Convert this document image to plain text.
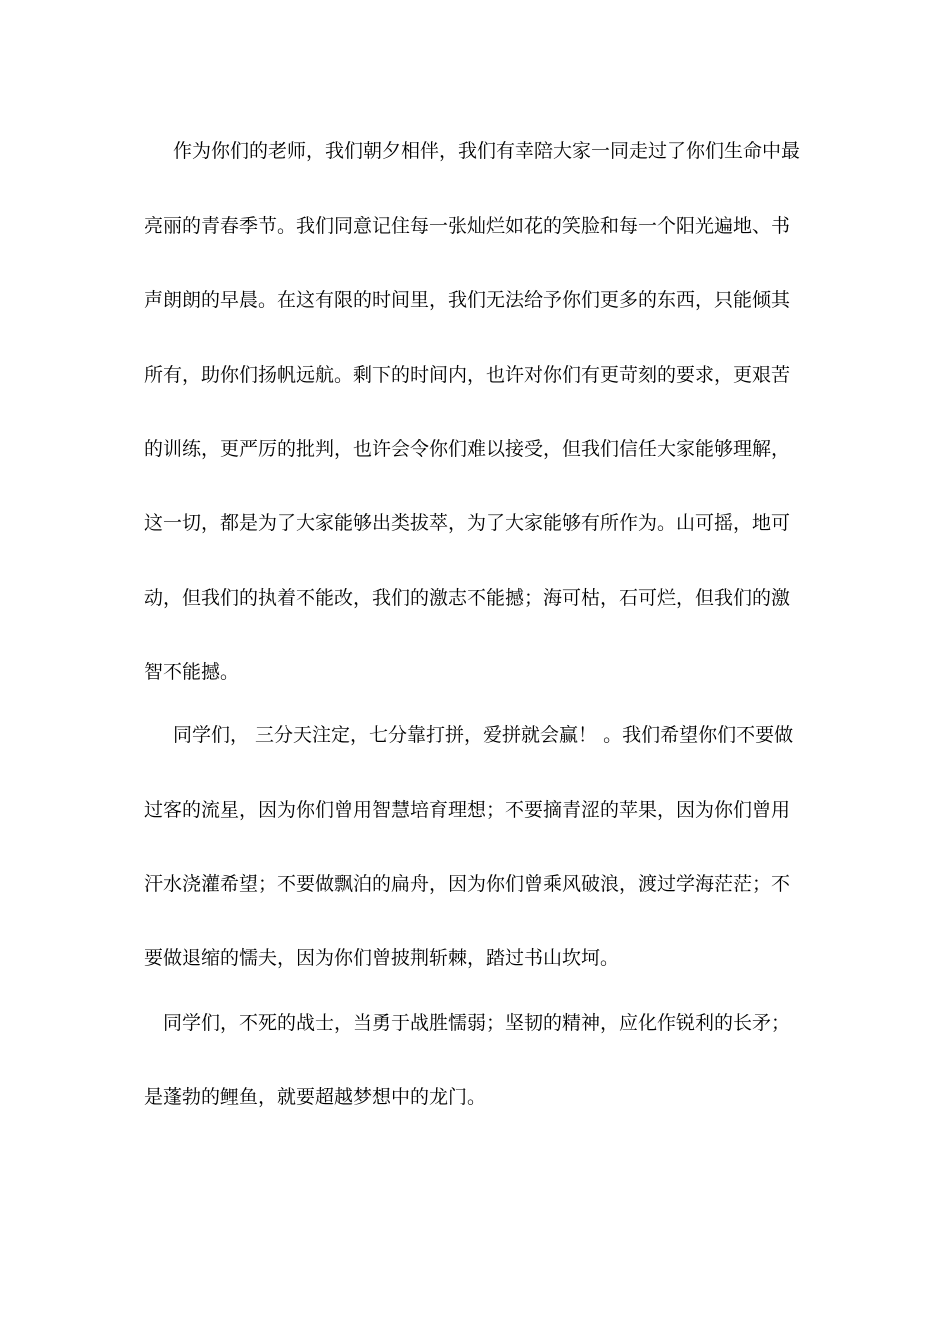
作为你们的老师，我们朝夕相伴，我们有幸陪大家一同走过了你们生命中最
亮丽的青春季节。我们同意记住每一张灿烂如花的笑脸和每一个阳光遍地、书
声朗朗的早晨。在这有限的时间里，我们无法给予你们更多的东西，只能倾其
所有，助你们扬帆远航。剩下的时间内，也许对你们有更苛刻的要求，更艰苦
的训练，更严厉的批判，也许会令你们难以接受，但我们信任大家能够理解，
这一切，都是为了大家能够出类拔萃，为了大家能够有所作为。山可摇，地可
动，但我们的执着不能改，我们的激志不能撼；海可枯，石可烂，但我们的激
智不能撼。
同学们， 三分天注定，七分靠打拼，爱拼就会赢！ 。我们希望你们不要做
过客的流星，因为你们曾用智慧培育理想；不要摘青涩的苹果，因为你们曾用
汗水浇灌希望；不要做飘泊的扁舟，因为你们曾乘风破浪，渡过学海茫茫；不
要做退缩的懦夫，因为你们曾披荆斩棘，踏过书山坎坷。
同学们，不死的战士，当勇于战胜懦弱；坚韧的精神，应化作锐利的长矛；
是蓬勃的鲤鱼，就要超越梦想中的龙门。
